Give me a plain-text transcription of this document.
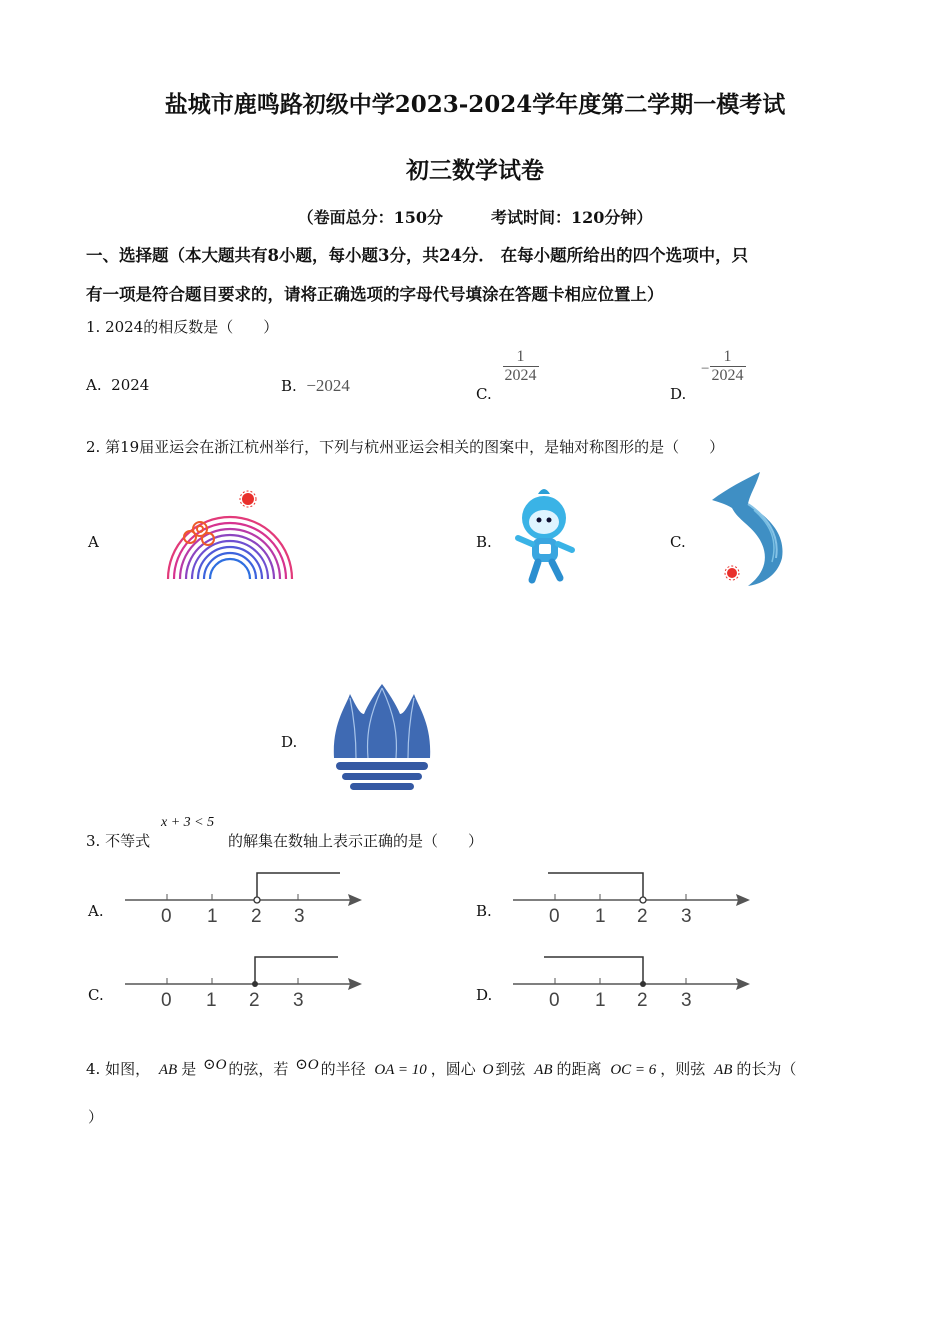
盐城市鹿鸣路初级中学2023-2024学年度第二学期一模考试
初三数学试卷
（卷面总分：150分　　　考试时间：120分钟）
一、选择题（本大题共有8小题，每小题3分，共24分． 在每小题所给出的四个选项中，只
有一项是符合题目要求的，请将正确选项的字母代号填涂在答题卡相应位置上）
1. 2024的相反数是（　　）
A. 2024	B. −2024	C.
$\frac{1}{2024}$
D. − $\frac{1}{2024}$
2. 第19届亚运会在浙江杭州举行，下列与杭州亚运会相关的图案中，是轴对称图形的是（　　）
A	B.	C.
D.
3. 不等式
x + 3 < 5
的解集在数轴上表示正确的是（　　）
A.	0 1 2 3	B.	0 1 2 3
C.	0 1 2 3	D.	0 1 2 3
4. 如图， AB 是 ⊙O 的弦，若 ⊙O 的半径 OA = 10 ，圆心 O 到弦 AB 的距离 OC = 6 ，则弦 AB 的长为（
）
